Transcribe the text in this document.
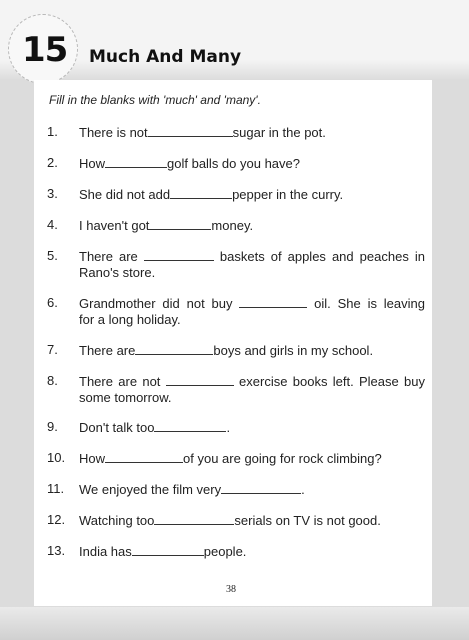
15 Much And Many
Fill in the blanks with 'much' and 'many'.
1.	There is not	sugar in the pot.
2.	How	golf balls do you have?
3.	She did not add	pepper in the curry.
4.	I haven't got	money.
5.	There are	baskets of apples and peaches in
Rano's store.
6.	Grandmother did not buy	oil. She is leaving
for a long holiday.
7.	There are	boys and girls in my school.
8.	There are not	exercise books left. Please buy
some tomorrow.
9.	Don't talk too	.
10.	How	of you are going for rock climbing?
11.	We enjoyed the film very	.
12.	Watching too	serials on TV is not good.
13.	India has	people.
38
